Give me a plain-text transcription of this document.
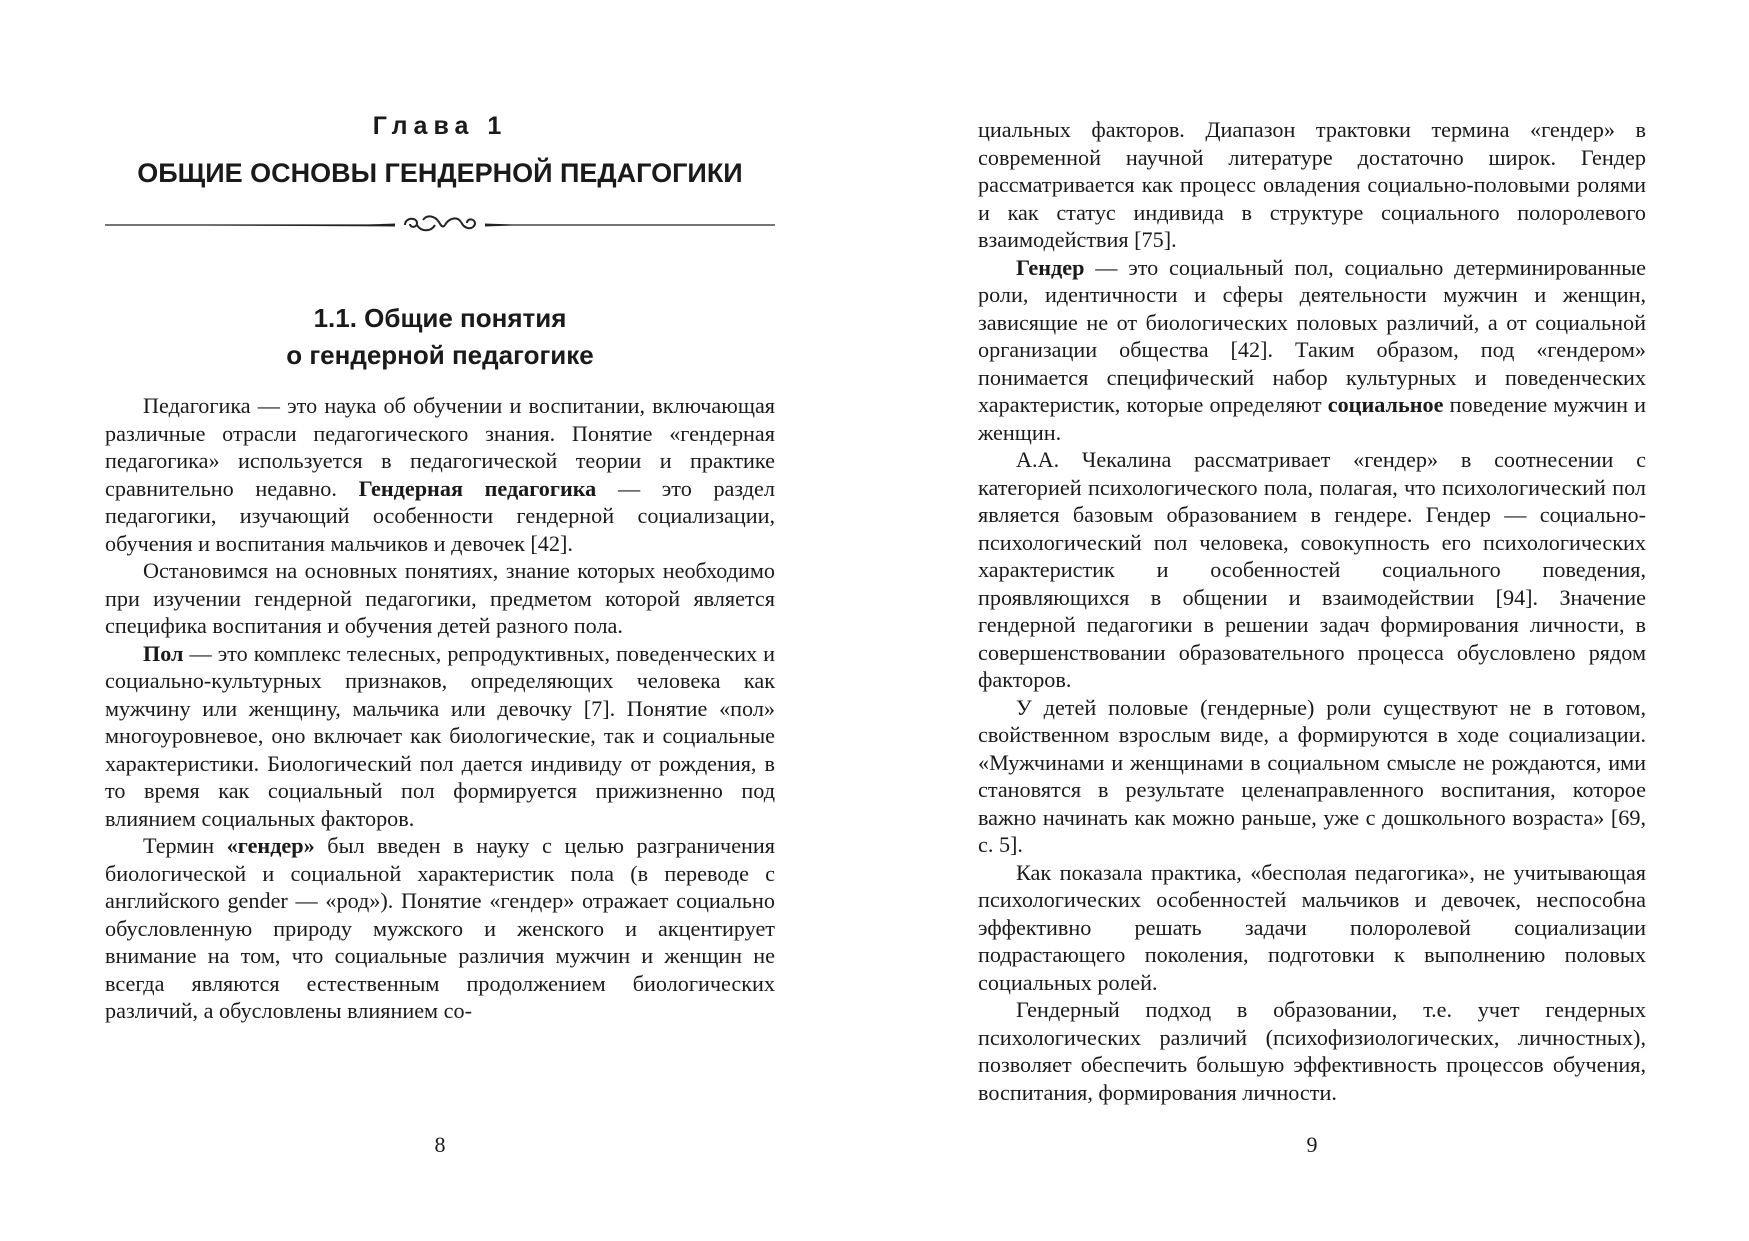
Глава 1
ОБЩИЕ ОСНОВЫ ГЕНДЕРНОЙ ПЕДАГОГИКИ
1.1. Общие понятия
о гендерной педагогике

Педагогика — это наука об обучении и воспитании, включающая различные отрасли педагогического знания. Понятие «гендерная педагогика» используется в педагогической теории и практике сравнительно недавно. Гендерная педагогика — это раздел педагогики, изучающий особенности гендерной социализации, обучения и воспитания мальчиков и девочек [42].

Остановимся на основных понятиях, знание которых необходимо при изучении гендерной педагогики, предметом которой является специфика воспитания и обучения детей разного пола.

Пол — это комплекс телесных, репродуктивных, поведенческих и социально-культурных признаков, определяющих человека как мужчину или женщину, мальчика или девочку [7]. Понятие «пол» многоуровневое, оно включает как биологические, так и социальные характеристики. Биологический пол дается индивиду от рождения, в то время как социальный пол формируется прижизненно под влиянием социальных факторов.

Термин «гендер» был введен в науку с целью разграничения биологической и социальной характеристик пола (в переводе с английского gender — «род»). Понятие «гендер» отражает социально обусловленную природу мужского и женского и акцентирует внимание на том, что социальные различия мужчин и женщин не всегда являются естественным продолжением биологических различий, а обусловлены влиянием со-

8

циальных факторов. Диапазон трактовки термина «гендер» в современной научной литературе достаточно широк. Гендер рассматривается как процесс овладения социально-половыми ролями и как статус индивида в структуре социального полоролевого взаимодействия [75].

Гендер — это социальный пол, социально детерминированные роли, идентичности и сферы деятельности мужчин и женщин, зависящие не от биологических половых различий, а от социальной организации общества [42]. Таким образом, под «гендером» понимается специфический набор культурных и поведенческих характеристик, которые определяют социальное поведение мужчин и женщин.

А.А. Чекалина рассматривает «гендер» в соотнесении с категорией психологического пола, полагая, что психологический пол является базовым образованием в гендере. Гендер — социально-психологический пол человека, совокупность его психологических характеристик и особенностей социального поведения, проявляющихся в общении и взаимодействии [94]. Значение гендерной педагогики в решении задач формирования личности, в совершенствовании образовательного процесса обусловлено рядом факторов.

У детей половые (гендерные) роли существуют не в готовом, свойственном взрослым виде, а формируются в ходе социализации. «Мужчинами и женщинами в социальном смысле не рождаются, ими становятся в результате целенаправленного воспитания, которое важно начинать как можно раньше, уже с дошкольного возраста» [69, с. 5].

Как показала практика, «бесполая педагогика», не учитывающая психологических особенностей мальчиков и девочек, неспособна эффективно решать задачи полоролевой социализации подрастающего поколения, подготовки к выполнению половых социальных ролей.

Гендерный подход в образовании, т.е. учет гендерных психологических различий (психофизиологических, личностных), позволяет обеспечить большую эффективность процессов обучения, воспитания, формирования личности.

9
